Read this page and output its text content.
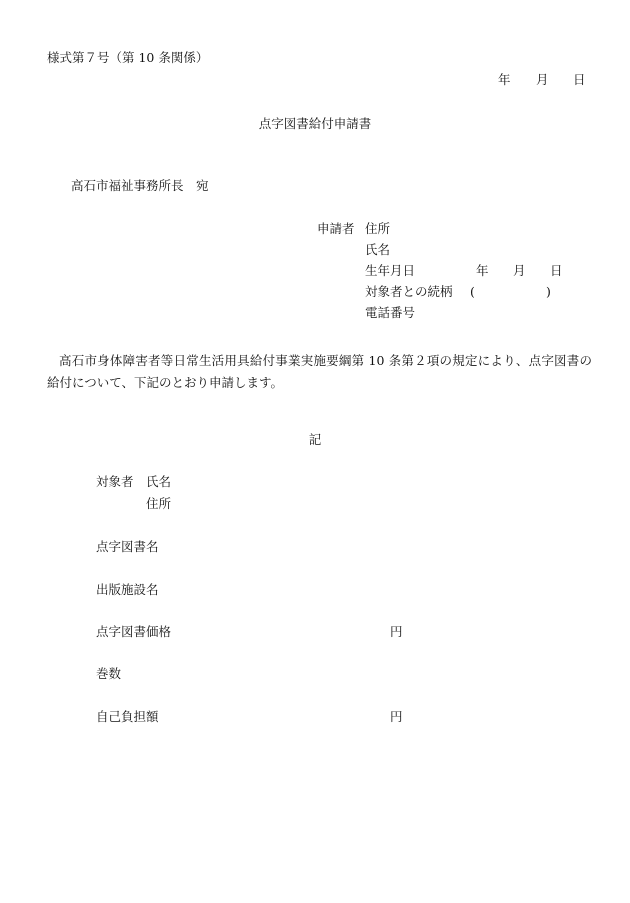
様式第７号（第 10 条関係）
年 月 日
点字図書給付申請書
高石市福祉事務所長　宛
申請者 住所
氏名
生年月日	年 月 日
対象者との続柄 (	)
電話番号
高石市身体障害者等日常生活用具給付事業実施要綱第 10 条第２項の規定により、点字図書の給付について、下記のとおり申請します。
記
対象者 氏名
住所
点字図書名
出版施設名
点字図書価格	円
巻数
自己負担額	円
